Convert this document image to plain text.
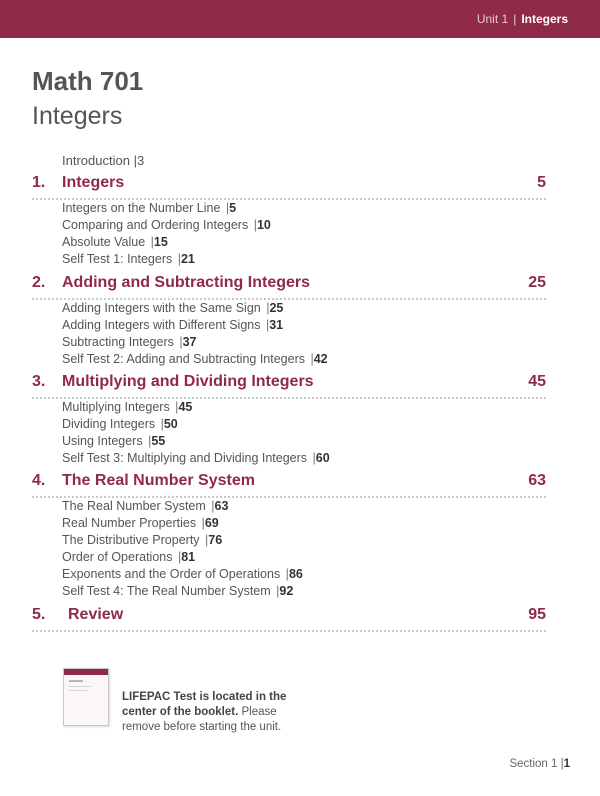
Unit 1 | Integers
Math 701
Integers
Introduction |3
1. Integers	5
Integers on the Number Line |5
Comparing and Ordering Integers |10
Absolute Value |15
Self Test 1: Integers |21
2. Adding and Subtracting Integers	25
Adding Integers with the Same Sign |25
Adding Integers with Different Signs |31
Subtracting Integers |37
Self Test 2: Adding and Subtracting Integers |42
3. Multiplying and Dividing Integers	45
Multiplying Integers |45
Dividing Integers |50
Using Integers |55
Self Test 3: Multiplying and Dividing Integers |60
4. The Real Number System	63
The Real Number System |63
Real Number Properties |69
The Distributive Property |76
Order of Operations |81
Exponents and the Order of Operations |86
Self Test 4: The Real Number System |92
5. Review	95
LIFEPAC Test is located in the center of the booklet. Please remove before starting the unit.
Section 1 |1
